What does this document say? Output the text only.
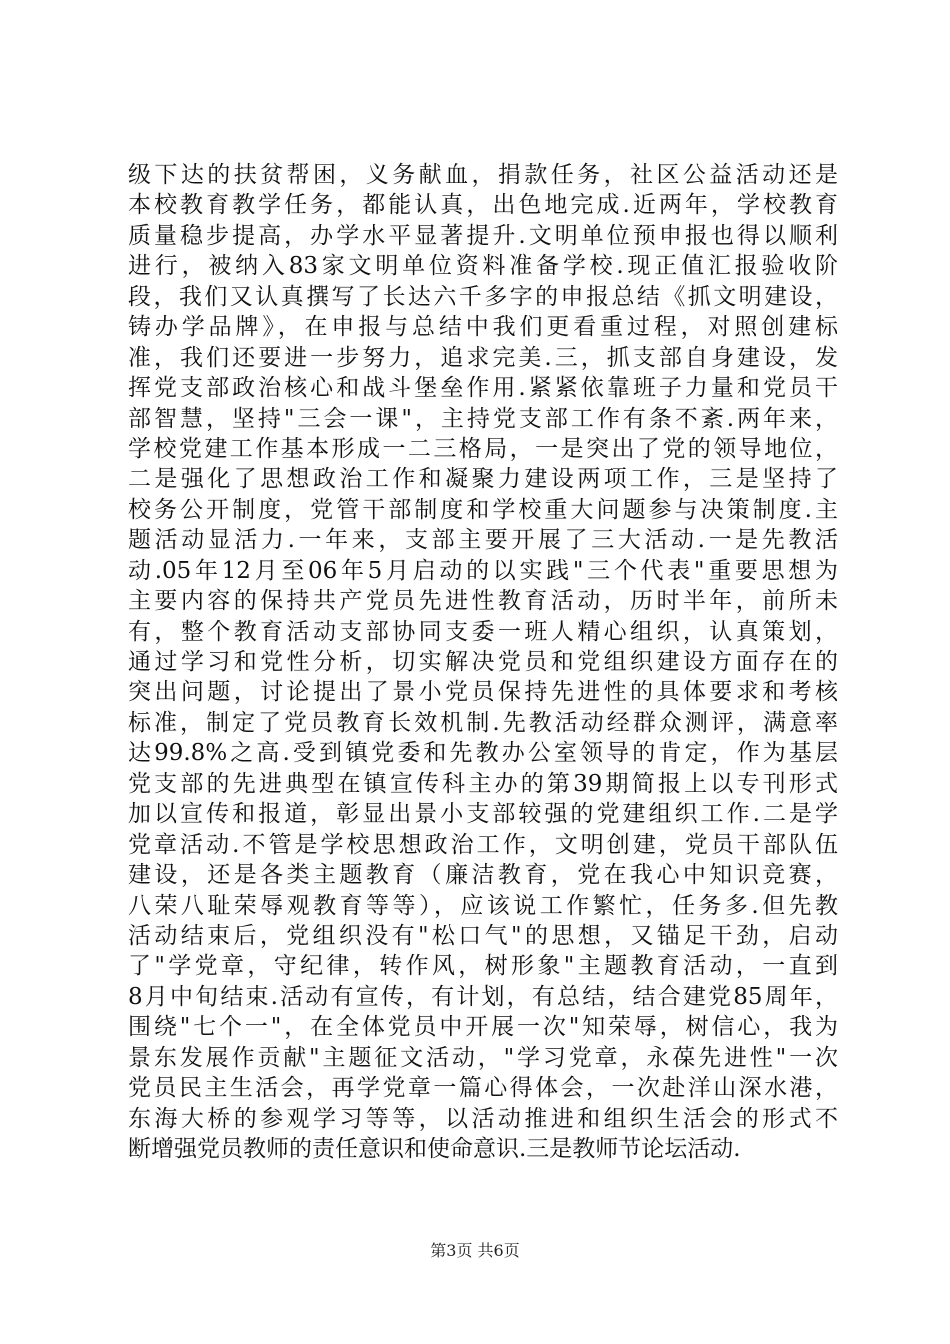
级下达的扶贫帮困，义务献血，捐款任务，社区公益活动还是
本校教育教学任务，都能认真，出色地完成.近两年，学校教育
质量稳步提高，办学水平显著提升.文明单位预申报也得以顺利
进行，被纳入83家文明单位资料准备学校.现正值汇报验收阶
段，我们又认真撰写了长达六千多字的申报总结《抓文明建设，
铸办学品牌》，在申报与总结中我们更看重过程，对照创建标
准，我们还要进一步努力，追求完美.三，抓支部自身建设，发
挥党支部政治核心和战斗堡垒作用.紧紧依靠班子力量和党员干
部智慧，坚持"三会一课"，主持党支部工作有条不紊.两年来，
学校党建工作基本形成一二三格局，一是突出了党的领导地位，
二是强化了思想政治工作和凝聚力建设两项工作，三是坚持了
校务公开制度，党管干部制度和学校重大问题参与决策制度.主
题活动显活力.一年来，支部主要开展了三大活动.一是先教活
动.05年12月至06年5月启动的以实践"三个代表"重要思想为
主要内容的保持共产党员先进性教育活动，历时半年，前所未
有，整个教育活动支部协同支委一班人精心组织，认真策划，
通过学习和党性分析，切实解决党员和党组织建设方面存在的
突出问题，讨论提出了景小党员保持先进性的具体要求和考核
标准，制定了党员教育长效机制.先教活动经群众测评，满意率
达99.8%之高.受到镇党委和先教办公室领导的肯定，作为基层
党支部的先进典型在镇宣传科主办的第39期简报上以专刊形式
加以宣传和报道，彰显出景小支部较强的党建组织工作.二是学
党章活动.不管是学校思想政治工作，文明创建，党员干部队伍
建设，还是各类主题教育（廉洁教育，党在我心中知识竞赛，
八荣八耻荣辱观教育等等），应该说工作繁忙，任务多.但先教
活动结束后，党组织没有"松口气"的思想，又锚足干劲，启动
了"学党章，守纪律，转作风，树形象"主题教育活动，一直到
8月中旬结束.活动有宣传，有计划，有总结，结合建党85周年，
围绕"七个一"，在全体党员中开展一次"知荣辱，树信心，我为
景东发展作贡献"主题征文活动，"学习党章，永葆先进性"一次
党员民主生活会，再学党章一篇心得体会，一次赴洋山深水港，
东海大桥的参观学习等等，以活动推进和组织生活会的形式不
断增强党员教师的责任意识和使命意识.三是教师节论坛活动.
第3页 共6页
